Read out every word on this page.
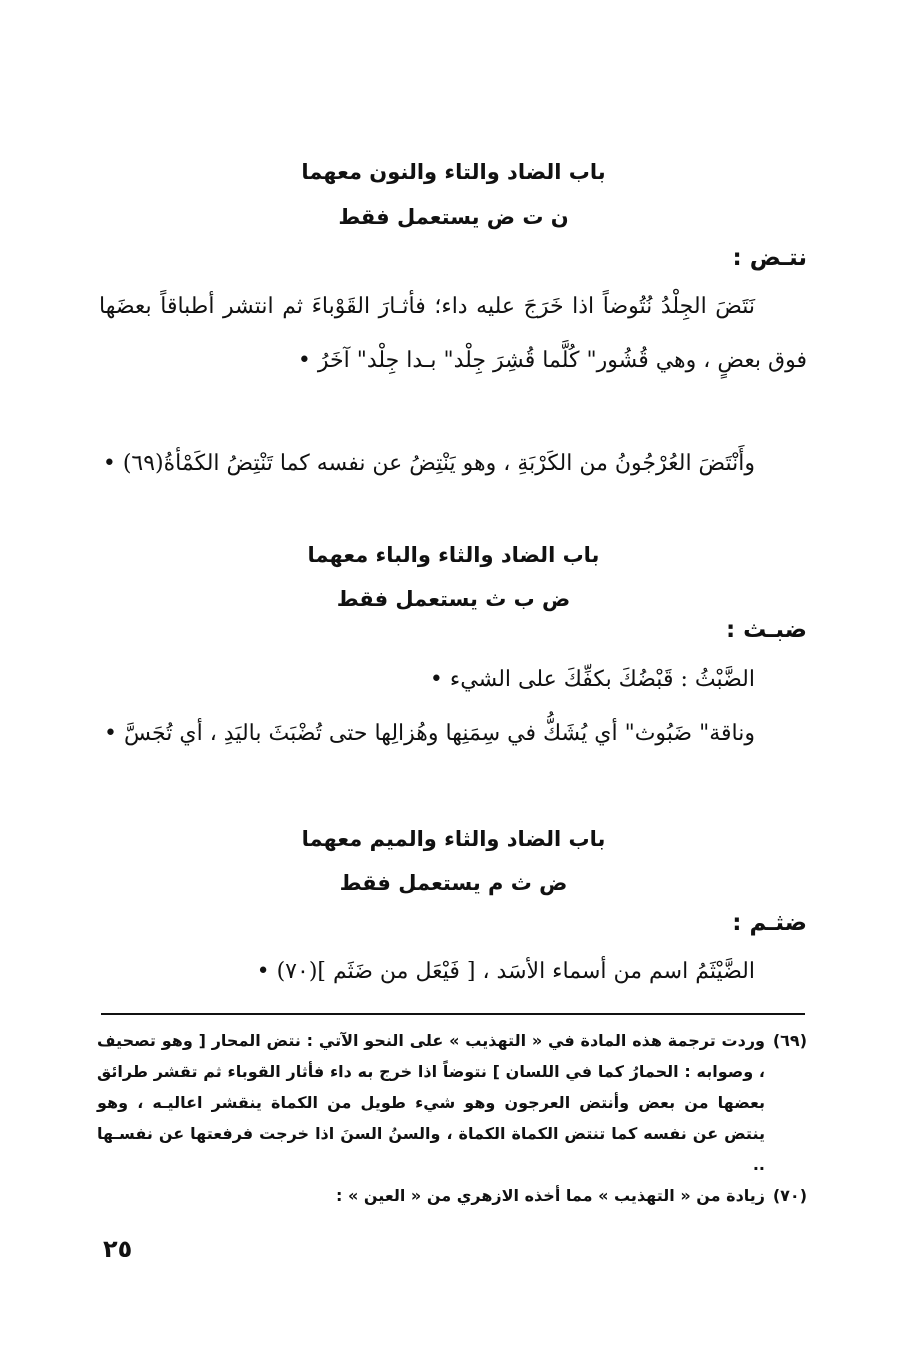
باب الضاد والتاء والنون معهما
ن ت ض يستعمل فقط
نتـض :
نَتَضَ الجِلْدُ نُتُوضاً اذا خَرَجَ عليه داء؛ فأثـارَ القَوْباءَ ثم انتشر أطباقاً بعضَها فوق بعضٍ ، وهي قُشُور" كُلَّما قُشِرَ جِلْد" بـدا جِلْد" آخَرُ •
وأَنْتَضَ العُرْجُونُ من الكَرْبَةِ ، وهو يَنْتِضُ عن نفسه كما تَنْتِضُ الكَمْأةُ(٦٩) •
باب الضاد والثاء والباء معهما
ض ب ث يستعمل فقط
ضبـث :
الضَّبْثُ : قَبْضُكَ بكفِّكَ على الشيء •
وناقة" ضَبُوث" أي يُشَكُّ في سِمَنِها وهُزالِها حتى تُضْبَثَ باليَدِ ، أي تُجَسَّ •
باب الضاد والثاء والميم معهما
ض ث م يستعمل فقط
ضثـم :
الضَّيْثَمُ اسم من أسماء الأسَد ، [ فَيْعَل من ضَثَم ](٧٠) •
(٦٩)
وردت ترجمة هذه المادة في « التهذيب » على النحو الآتي : نتض المحار [ وهو تصحيف ، وصوابه : الحمارُ كما في اللسان ] نتوضاً اذا خرج به داء فأثار القوباء ثم تقشر طرائق بعضها من بعض وأنتض العرجون وهو شيء طويل من الكماة ينقشر اعاليـه ، وهو ينتض عن نفسه كما تنتض الكماة الكماة ، والسنُ السنَ اذا خرجت فرفعتها عن نفسـها ..
(٧٠)
زيادة من « التهذيب » مما أخذه الازهري من « العين » :
٢٥
